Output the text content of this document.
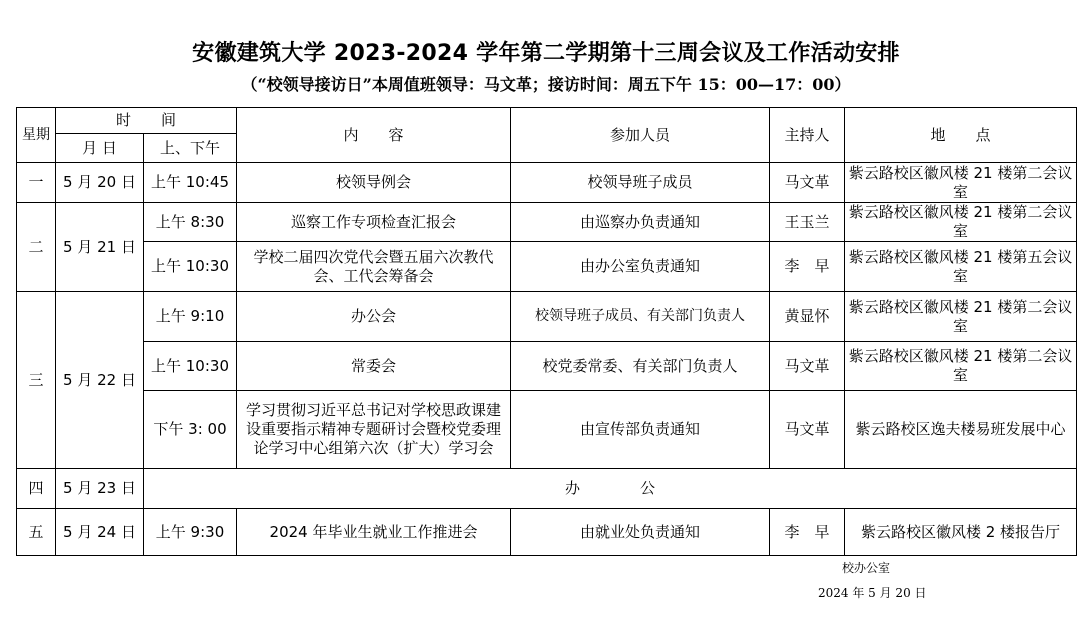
安徽建筑大学 2023-2024 学年第二学期第十三周会议及工作活动安排
（“校领导接访日”本周值班领导：马文革；接访时间：周五下午 15：00—17：00）
星期	时　　间		内　　容	参加人员	主持人	地　　点
	月 日	上、下午				
一	5 月 20 日	上午 10:45	校领导例会	校领导班子成员	马文革	紫云路校区徽风楼 21 楼第二会议室
二	5 月 21 日	上午 8:30	巡察工作专项检查汇报会	由巡察办负责通知	王玉兰	紫云路校区徽风楼 21 楼第二会议室
		上午 10:30	学校二届四次党代会暨五届六次教代会、工代会筹备会	由办公室负责通知	李　早	紫云路校区徽风楼 21 楼第五会议室
三	5 月 22 日	上午 9:10	办公会	校领导班子成员、有关部门负责人	黄显怀	紫云路校区徽风楼 21 楼第二会议室
		上午 10:30	常委会	校党委常委、有关部门负责人	马文革	紫云路校区徽风楼 21 楼第二会议室
		下午 3: 00	学习贯彻习近平总书记对学校思政课建设重要指示精神专题研讨会暨校党委理论学习中心组第六次（扩大）学习会	由宣传部负责通知	马文革	紫云路校区逸夫楼易班发展中心
四	5 月 23 日	办　　　　公				
五	5 月 24 日	上午 9:30	2024 年毕业生就业工作推进会	由就业处负责通知	李　早	紫云路校区徽风楼 2 楼报告厅
校办公室
2024 年 5 月 20 日
